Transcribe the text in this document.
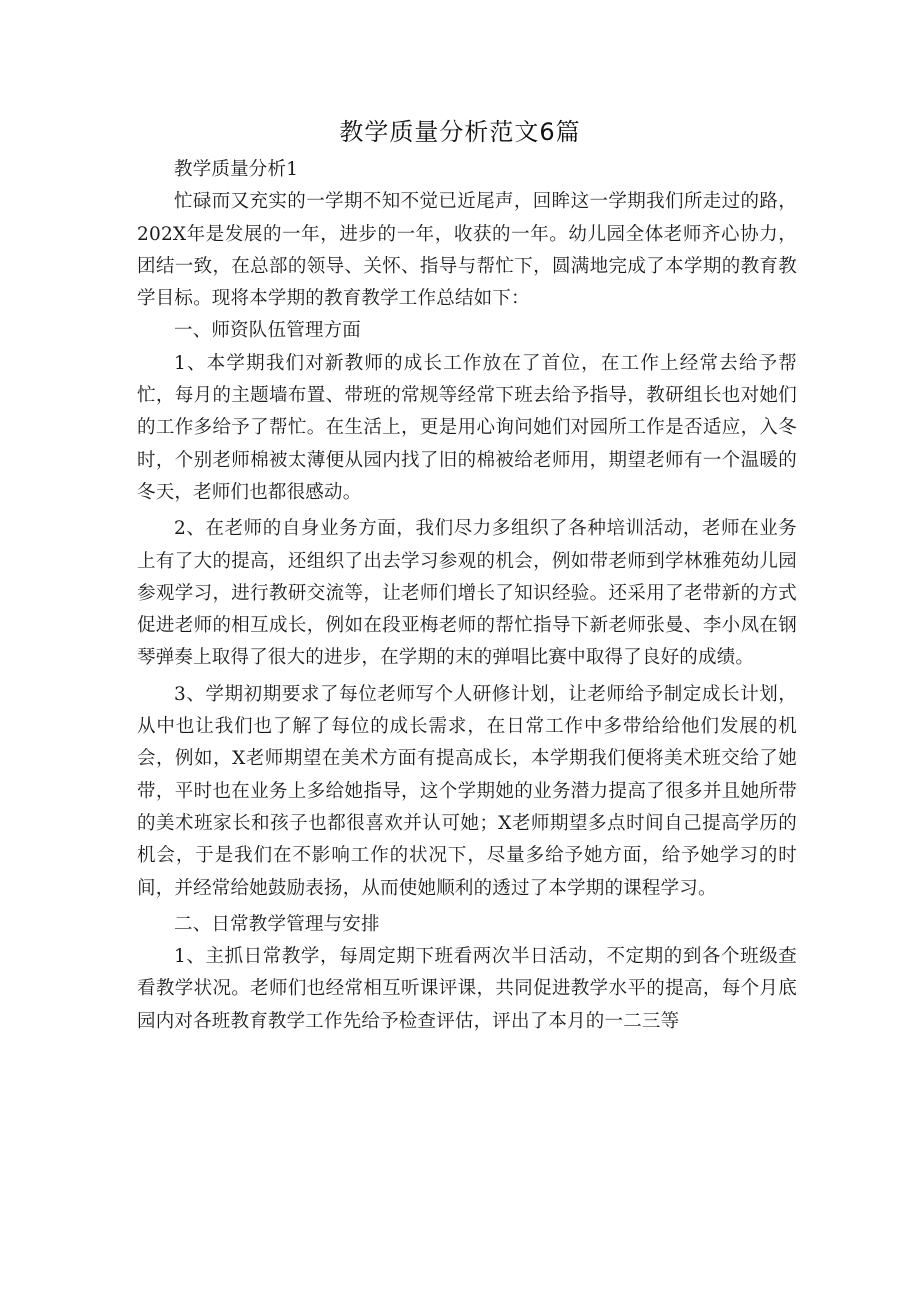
教学质量分析范文6篇

教学质量分析1

忙碌而又充实的一学期不知不觉已近尾声，回眸这一学期我们所走过的路，202X年是发展的一年，进步的一年，收获的一年。幼儿园全体老师齐心协力，团结一致，在总部的领导、关怀、指导与帮忙下，圆满地完成了本学期的教育教学目标。现将本学期的教育教学工作总结如下：

一、师资队伍管理方面

1、本学期我们对新教师的成长工作放在了首位，在工作上经常去给予帮忙，每月的主题墙布置、带班的常规等经常下班去给予指导，教研组长也对她们的工作多给予了帮忙。在生活上，更是用心询问她们对园所工作是否适应，入冬时，个别老师棉被太薄便从园内找了旧的棉被给老师用，期望老师有一个温暖的冬天，老师们也都很感动。

2、在老师的自身业务方面，我们尽力多组织了各种培训活动，老师在业务上有了大的提高，还组织了出去学习参观的机会，例如带老师到学林雅苑幼儿园参观学习，进行教研交流等，让老师们增长了知识经验。还采用了老带新的方式促进老师的相互成长，例如在段亚梅老师的帮忙指导下新老师张曼、李小凤在钢琴弹奏上取得了很大的进步，在学期的末的弹唱比赛中取得了良好的成绩。

3、学期初期要求了每位老师写个人研修计划，让老师给予制定成长计划，从中也让我们也了解了每位的成长需求，在日常工作中多带给给他们发展的机会，例如，X老师期望在美术方面有提高成长，本学期我们便将美术班交给了她带，平时也在业务上多给她指导，这个学期她的业务潜力提高了很多并且她所带的美术班家长和孩子也都很喜欢并认可她；X老师期望多点时间自己提高学历的机会，于是我们在不影响工作的状况下，尽量多给予她方面，给予她学习的时间，并经常给她鼓励表扬，从而使她顺利的透过了本学期的课程学习。

二、日常教学管理与安排

1、主抓日常教学，每周定期下班看两次半日活动，不定期的到各个班级查看教学状况。老师们也经常相互听课评课，共同促进教学水平的提高，每个月底园内对各班教育教学工作先给予检查评估，评出了本月的一二三等
